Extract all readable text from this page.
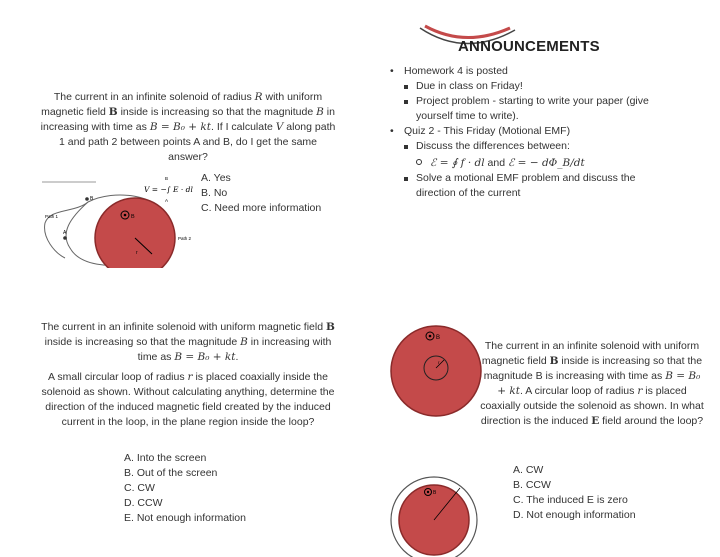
ANNOUNCEMENTS
• Homework 4 is posted
Due in class on Friday!
Project problem - starting to write your paper (give yourself time to write).
• Quiz 2 - This Friday (Motional EMF)
Discuss the differences between:
ℰ = ∮ f · dl and ℰ = − dΦ_B/dt
Solve a motional EMF problem and discuss the direction of the current
The current in an infinite solenoid of radius R with uniform magnetic field B inside is increasing so that the magnitude B in increasing with time as B = B₀ + kt. If I calculate V along path 1 and path 2 between points A and B, do I get the same answer?
A. Yes
B. No
C. Need more information
B
r
B
A
Path 1
Path 2
V = −∫ E · dl
B
A
The current in an infinite solenoid with uniform magnetic field B inside is increasing so that the magnitude B in increasing with time as B = B₀ + kt.
A small circular loop of radius r is placed coaxially inside the solenoid as shown. Without calculating anything, determine the direction of the induced magnetic field created by the induced current in the loop, in the plane region inside the loop?
A. Into the screen
B. Out of the screen
C. CW
D. CCW
E. Not enough information
B
r
The current in an infinite solenoid with uniform magnetic field B inside is increasing so that the magnitude B is increasing with time as B = B₀ + kt. A circular loop of radius r is placed coaxially outside the solenoid as shown. In what direction is the induced E field around the loop?
A. CW
B. CCW
C. The induced E is zero
D. Not enough information
B
